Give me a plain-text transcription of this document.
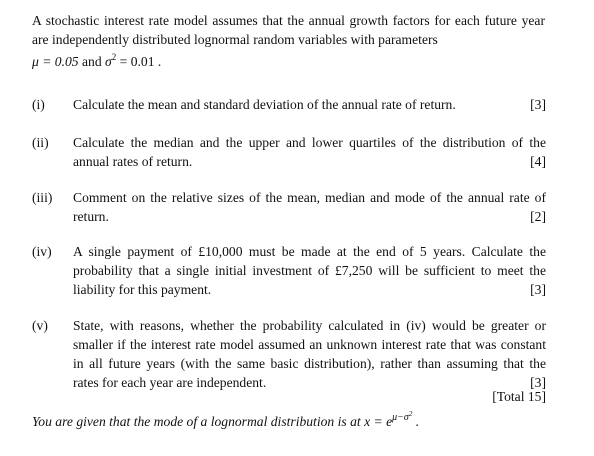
A stochastic interest rate model assumes that the annual growth factors for each future year are independently distributed lognormal random variables with parameters
μ = 0.05 and $\sigma^2 = 0.01$ .
(i)	[3]
Calculate the mean and standard deviation of the annual rate of return.
(ii) Calculate the median and the upper and lower quartiles of the distribution of the annual rates of return.	[4]
(iii) Comment on the relative sizes of the mean, median and mode of the annual rate of return.	[2]
(iv) A single payment of £10,000 must be made at the end of 5 years. Calculate the probability that a single initial investment of £7,250 will be sufficient to meet the liability for this payment.	[3]
(v) State, with reasons, whether the probability calculated in (iv) would be greater or smaller if the interest rate model assumed an unknown interest rate that was constant in all future years (with the same basic distribution), rather than assuming that the rates for each year are independent.	[3]
[Total 15]
You are given that the mode of a lognormal distribution is at $x = e^{\mu-\sigma^2}$ .
